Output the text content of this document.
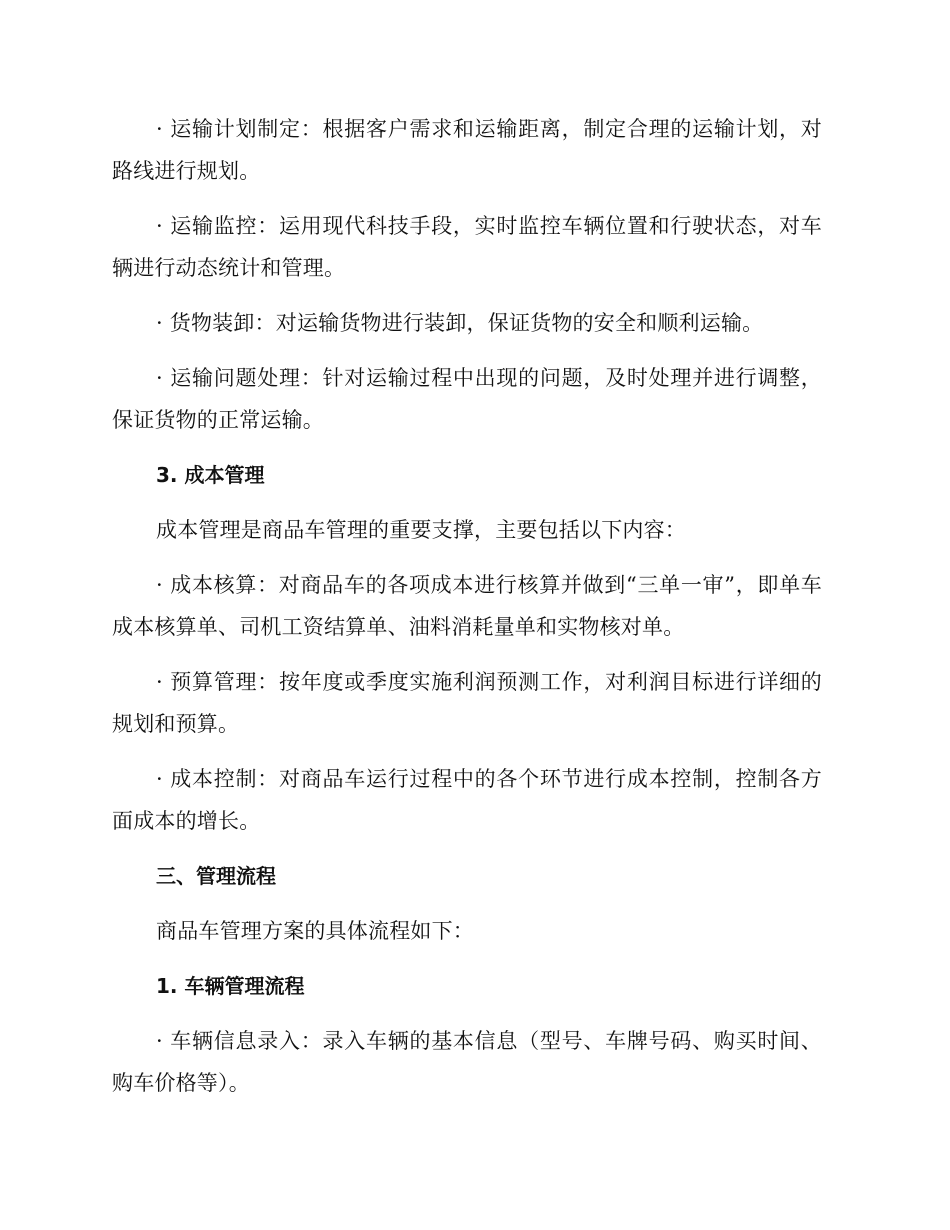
· 运输计划制定：根据客户需求和运输距离，制定合理的运输计划，对路线进行规划。

· 运输监控：运用现代科技手段，实时监控车辆位置和行驶状态，对车辆进行动态统计和管理。

· 货物装卸：对运输货物进行装卸，保证货物的安全和顺利运输。

· 运输问题处理：针对运输过程中出现的问题，及时处理并进行调整，保证货物的正常运输。

3. 成本管理

成本管理是商品车管理的重要支撑，主要包括以下内容：

· 成本核算：对商品车的各项成本进行核算并做到“三单一审”，即单车成本核算单、司机工资结算单、油料消耗量单和实物核对单。

· 预算管理：按年度或季度实施利润预测工作，对利润目标进行详细的规划和预算。

· 成本控制：对商品车运行过程中的各个环节进行成本控制，控制各方面成本的增长。

三、管理流程

商品车管理方案的具体流程如下：

1. 车辆管理流程

· 车辆信息录入：录入车辆的基本信息（型号、车牌号码、购买时间、购车价格等）。
